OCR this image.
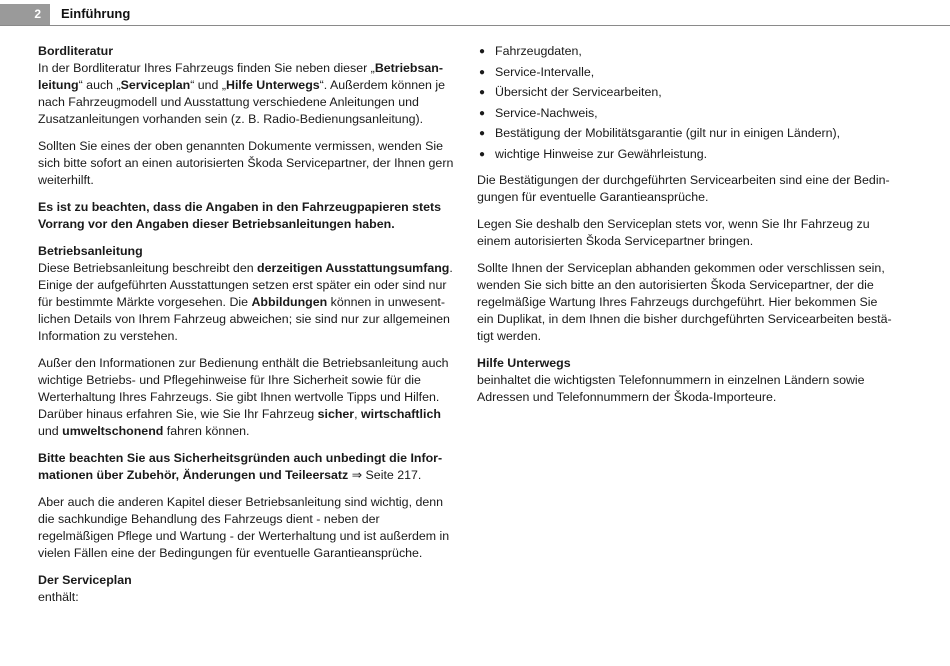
2	Einführung
Bordliteratur

In der Bordliteratur Ihres Fahrzeugs finden Sie neben dieser „Betriebsanleitung“ auch „Serviceplan“ und „Hilfe Unterwegs“. Außerdem können je nach Fahrzeugmodell und Ausstattung verschiedene Anleitungen und Zusatzanleitungen vorhanden sein (z. B. Radio-Bedienungsanleitung).

Sollten Sie eines der oben genannten Dokumente vermissen, wenden Sie sich bitte sofort an einen autorisierten Škoda Servicepartner, der Ihnen gern weiterhilft.

Es ist zu beachten, dass die Angaben in den Fahrzeugpapieren stets Vorrang vor den Angaben dieser Betriebsanleitungen haben.

Betriebsanleitung

Diese Betriebsanleitung beschreibt den derzeitigen Ausstattungsumfang. Einige der aufgeführten Ausstattungen setzen erst später ein oder sind nur für bestimmte Märkte vorgesehen. Die Abbildungen können in unwesentlichen Details von Ihrem Fahrzeug abweichen; sie sind nur zur allgemeinen Information zu verstehen.

Außer den Informationen zur Bedienung enthält die Betriebsanleitung auch wichtige Betriebs- und Pflegehinweise für Ihre Sicherheit sowie für die Werterhaltung Ihres Fahrzeugs. Sie gibt Ihnen wertvolle Tipps und Hilfen. Darüber hinaus erfahren Sie, wie Sie Ihr Fahrzeug sicher, wirtschaftlich und umweltschonend fahren können.

Bitte beachten Sie aus Sicherheitsgründen auch unbedingt die Informationen über Zubehör, Änderungen und Teileersatz ⇒ Seite 217.

Aber auch die anderen Kapitel dieser Betriebsanleitung sind wichtig, denn die sachkundige Behandlung des Fahrzeugs dient - neben der regelmäßigen Pflege und Wartung - der Werterhaltung und ist außerdem in vielen Fällen eine der Bedingungen für eventuelle Garantieansprüche.

Der Serviceplan

enthält:

● Fahrzeugdaten,
● Service-Intervalle,
● Übersicht der Servicearbeiten,
● Service-Nachweis,
● Bestätigung der Mobilitätsgarantie (gilt nur in einigen Ländern),
● wichtige Hinweise zur Gewährleistung.

Die Bestätigungen der durchgeführten Servicearbeiten sind eine der Bedingungen für eventuelle Garantieansprüche.

Legen Sie deshalb den Serviceplan stets vor, wenn Sie Ihr Fahrzeug zu einem autorisierten Škoda Servicepartner bringen.

Sollte Ihnen der Serviceplan abhanden gekommen oder verschlissen sein, wenden Sie sich bitte an den autorisierten Škoda Servicepartner, der die regelmäßige Wartung Ihres Fahrzeugs durchgeführt. Hier bekommen Sie ein Duplikat, in dem Ihnen die bisher durchgeführten Servicearbeiten bestätigt werden.

Hilfe Unterwegs

beinhaltet die wichtigsten Telefonnummern in einzelnen Ländern sowie Adressen und Telefonnummern der Škoda-Importeure.
